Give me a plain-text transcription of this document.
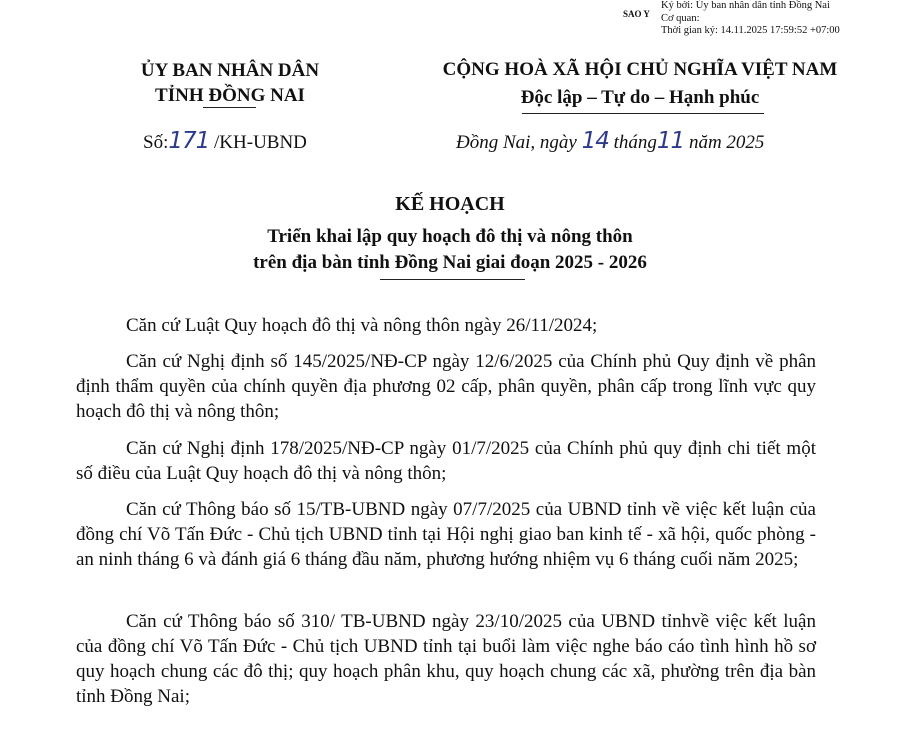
SAO Y
Ký bởi: Ủy ban nhân dân tỉnh Đồng Nai
Cơ quan:
Thời gian ký: 14.11.2025 17:59:52 +07:00
ỦY BAN NHÂN DÂN
TỈNH ĐỒNG NAI
CỘNG HOÀ XÃ HỘI CHỦ NGHĨA VIỆT NAM
Độc lập – Tự do – Hạnh phúc
Số:171 /KH-UBND	Đồng Nai, ngày 14 tháng11 năm 2025
KẾ HOẠCH
Triển khai lập quy hoạch đô thị và nông thôn
trên địa bàn tỉnh Đồng Nai giai đoạn 2025 - 2026

Căn cứ Luật Quy hoạch đô thị và nông thôn ngày 26/11/2024;

Căn cứ Nghị định số 145/2025/NĐ-CP ngày 12/6/2025 của Chính phủ Quy định về phân định thẩm quyền của chính quyền địa phương 02 cấp, phân quyền, phân cấp trong lĩnh vực quy hoạch đô thị và nông thôn;

Căn cứ Nghị định 178/2025/NĐ-CP ngày 01/7/2025 của Chính phủ quy định chi tiết một số điều của Luật Quy hoạch đô thị và nông thôn;

Căn cứ Thông báo số 15/TB-UBND ngày 07/7/2025 của UBND tỉnh về việc kết luận của đồng chí Võ Tấn Đức - Chủ tịch UBND tỉnh tại Hội nghị giao ban kinh tế - xã hội, quốc phòng - an ninh tháng 6 và đánh giá 6 tháng đầu năm, phương hướng nhiệm vụ 6 tháng cuối năm 2025;

Căn cứ Thông báo số 310/ TB-UBND ngày 23/10/2025 của UBND tỉnhvề việc kết luận của đồng chí Võ Tấn Đức - Chủ tịch UBND tỉnh tại buổi làm việc nghe báo cáo tình hình hồ sơ quy hoạch chung các đô thị; quy hoạch phân khu, quy hoạch chung các xã, phường trên địa bàn tỉnh Đồng Nai;
